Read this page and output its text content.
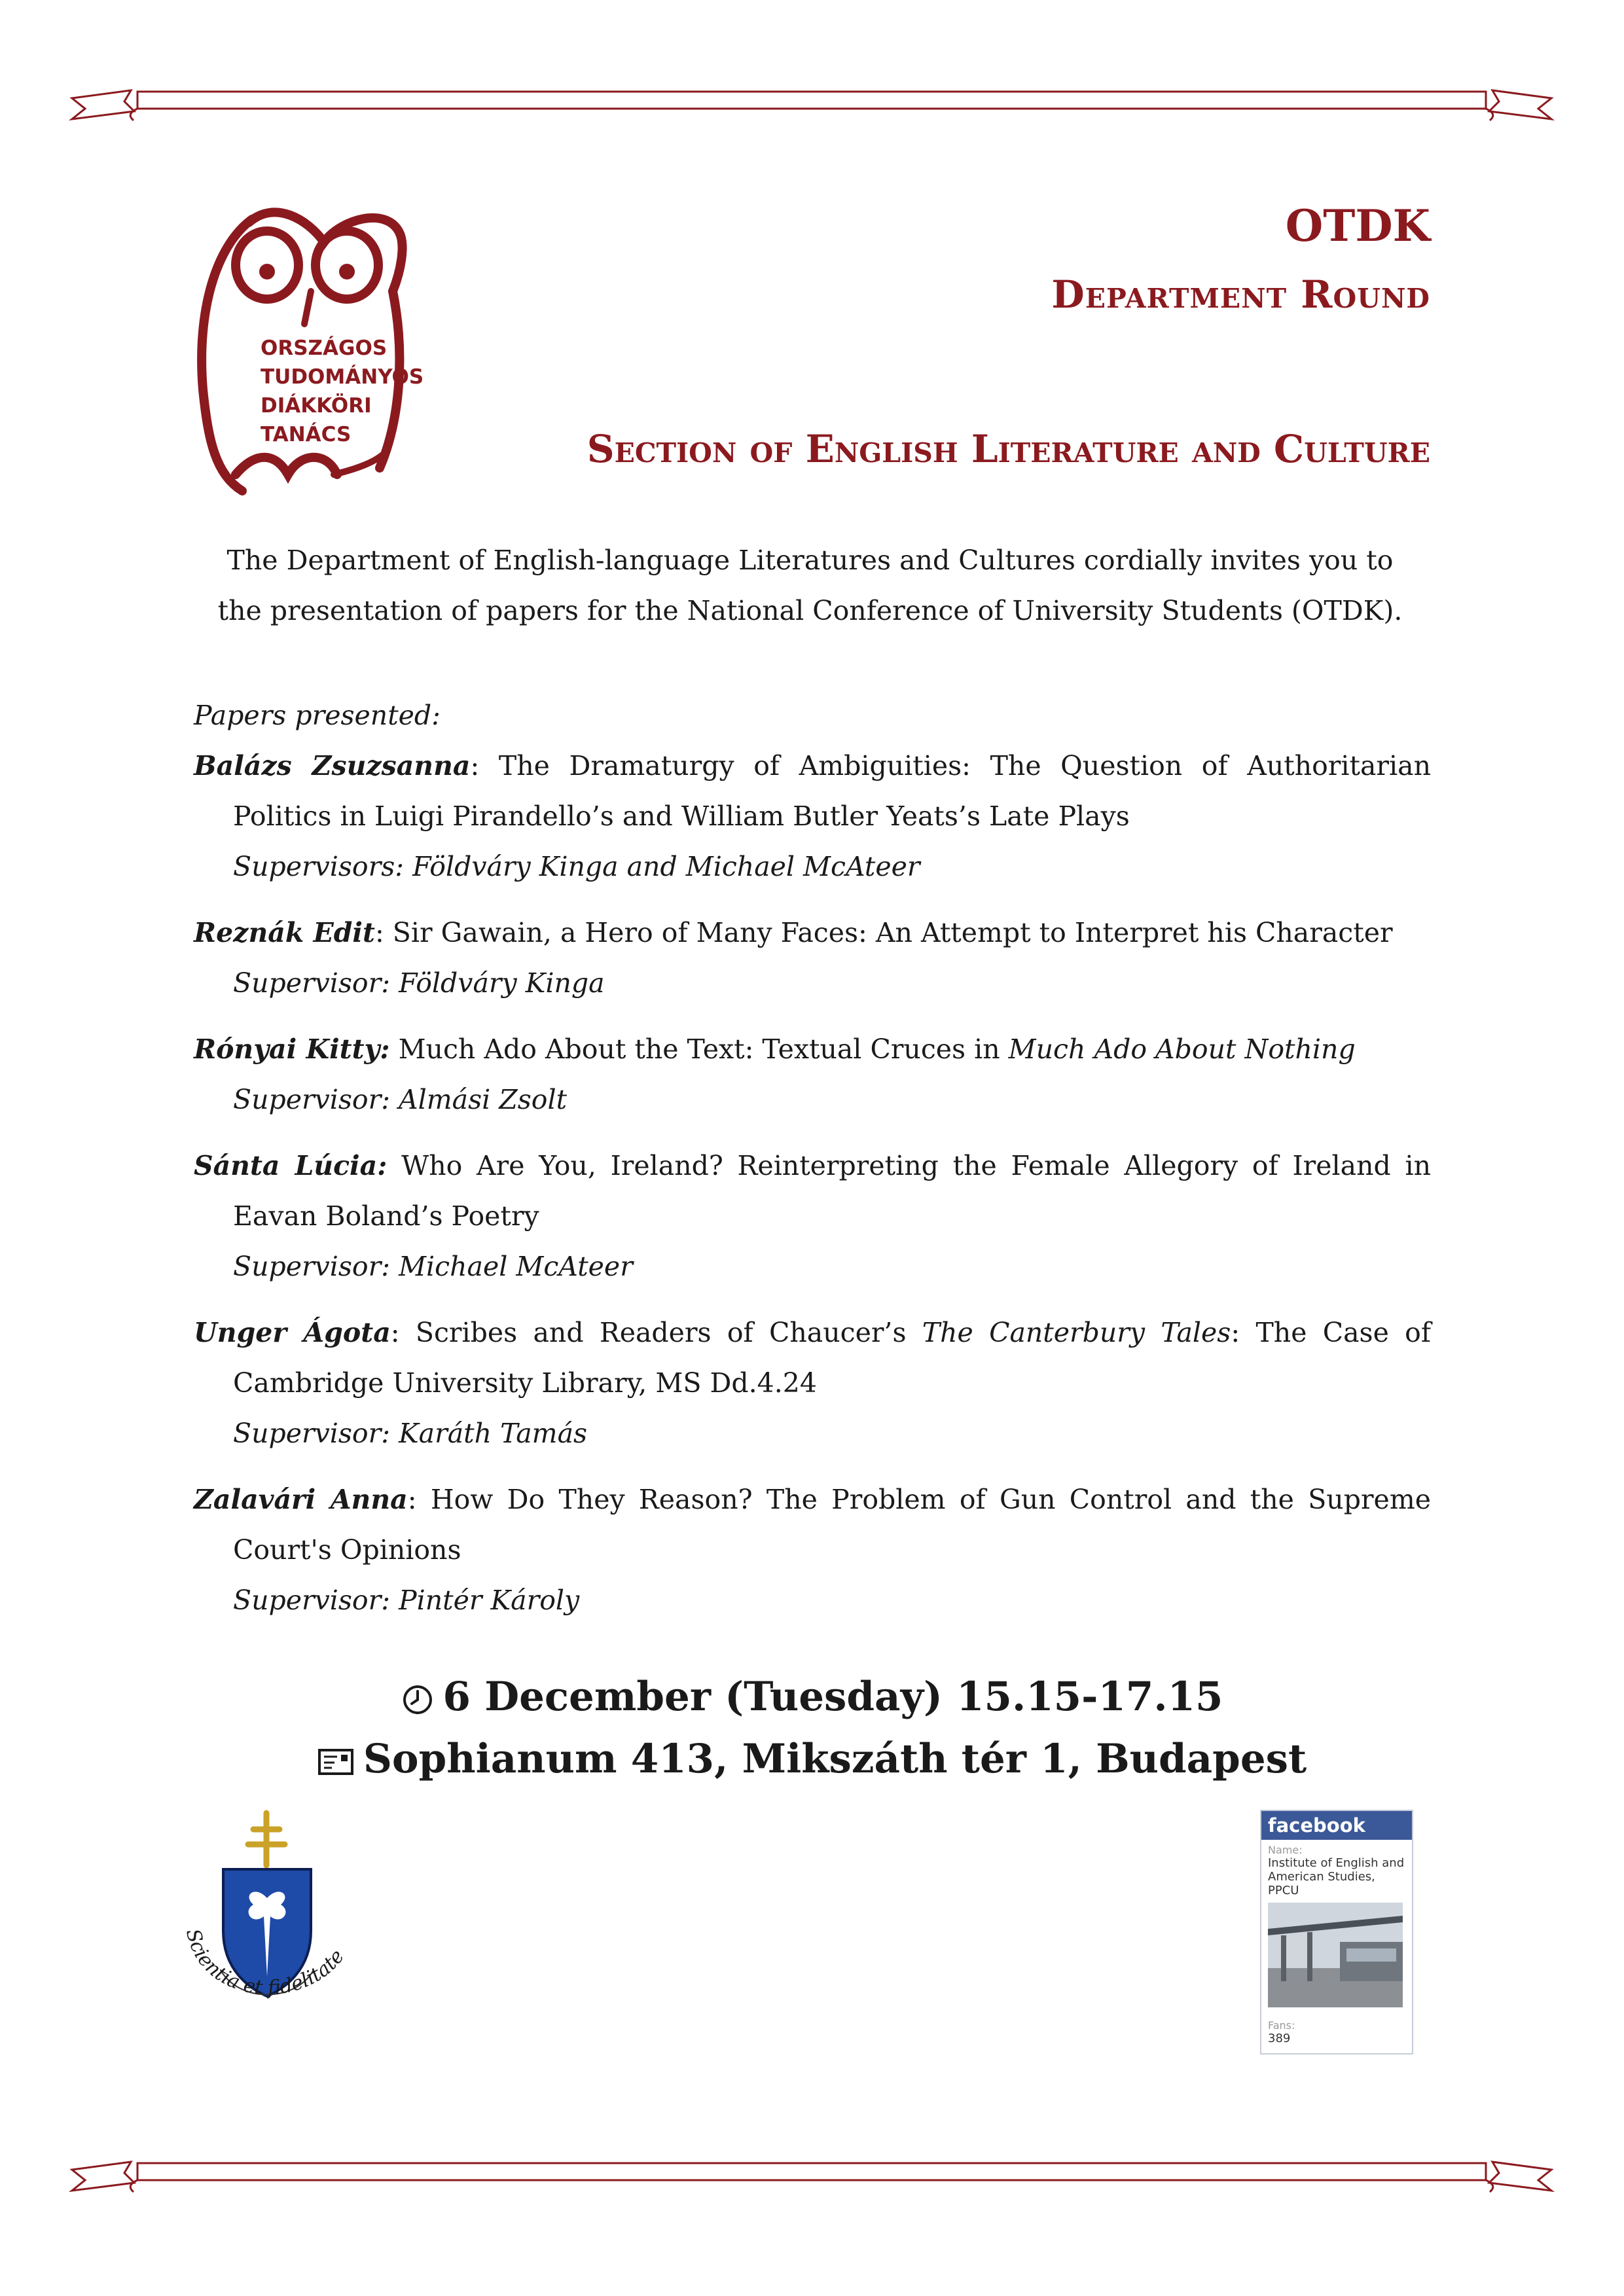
ORSZÁGOS
TUDOMÁNYOS
DIÁKKÖRI
TANÁCS
OTDK
Department Round
Section of English Literature and Culture
The Department of English-language Literatures and Cultures cordially invites you to
the presentation of papers for the National Conference of University Students (OTDK).
Papers presented:
Balázs Zsuzsanna: The Dramaturgy of Ambiguities: The Question of Authoritarian Politics in Luigi Pirandello’s and William Butler Yeats’s Late Plays
Supervisors: Földváry Kinga and Michael McAteer
Reznák Edit: Sir Gawain, a Hero of Many Faces: An Attempt to Interpret his Character
Supervisor: Földváry Kinga
Rónyai Kitty: Much Ado About the Text: Textual Cruces in Much Ado About Nothing
Supervisor: Almási Zsolt
Sánta Lúcia: Who Are You, Ireland? Reinterpreting the Female Allegory of Ireland in Eavan Boland’s Poetry
Supervisor: Michael McAteer
Unger Ágota: Scribes and Readers of Chaucer’s The Canterbury Tales: The Case of Cambridge University Library, MS Dd.4.24
Supervisor: Karáth Tamás
Zalavári Anna: How Do They Reason? The Problem of Gun Control and the Supreme Court's Opinions
Supervisor: Pintér Károly
6 December (Tuesday) 15.15-17.15
Sophianum 413, Mikszáth tér 1, Budapest
Scientia et fidelitate
facebook
Name:
Institute of English and American Studies, PPCU
Fans:
389
